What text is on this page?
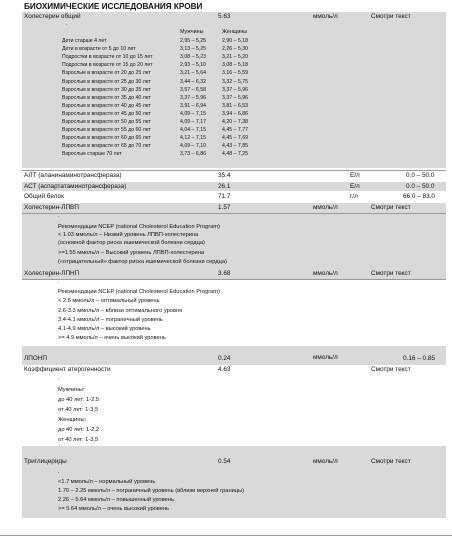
БИОХИМИЧЕСКИЕ ИССЛЕДОВАНИЯ КРОВИ
Холестерин общий	5.63	ммоль/л	Смотри текст
.
Мужчины	Женщины
Дети старше 4 лет	2,95 – 5,25	2,90 – 5,18
Дети в возрасте от 5 до 10 лет	3,13 – 5,25	2,26 – 5,30
Подростки в возрасте от 10 до 15 лет	3,08 – 5,23	3,21 – 5,20
Подростки в возрасте от 15 до 20 лет	2,93 – 5,10	3,08 – 5,18
Взрослые в возрасте от 20 до 25 лет	3,21 – 5,64	3,16 – 5,59
Взрослые в возрасте от 25 до 30 лет	3,44 – 6,32	3,32 – 5,75
Взрослые в возрасте от 30 до 35 лет	3,57 – 6,58	3,37 – 5,96
Взрослые в возрасте от 35 до 40 лет	3,37 – 5,96	3,37 – 5,96
Взрослые в возрасте от 40 до 45 лет	3,91 – 6,94	3,81 – 6,53
Взрослые в возрасте от 45 до 50 лет	4,09 – 7,15	3,94 – 6,86
Взрослые в возрасте от 50 до 55 лет	4,09 – 7,17	4,20 – 7,38
Взрослые в возрасте от 55 до 60 лет	4,04 – 7,15	4,45 – 7,77
Взрослые в возрасте от 60 до 65 лет	4,12 – 7,15	4,45 – 7,69
Взрослые в возрасте от 65 до 70 лет	4,09 – 7,10	4,43 – 7,85
Взрослые старше 70 лет	3,73 – 6,86	4,48 – 7,25
АЛТ (аланинаминотрансфераза)	35.4	Е/л	0.0 – 50.0
АСТ (аспартатаминотрансфераза)	26.1	Е/л	0.0 – 50.0
Общий белок	71.7	г/л	66.0 – 83.0
Холестерин-ЛПВП	1.57	ммоль/л	Смотри текст
.
Рекомендации NCEP (national Cholesterol Education Program)
< 1.03 ммоль/л – Низкий уровень ЛПВП-холестерина
(основной фактор риска ишемической болезни сердца)
>=1.55 ммоль/л – Высокий уровень ЛПВП-холестерина
(«отрицательный» фактор риска ишемической болезни сердца)
Холестерин-ЛПНП	3.68	ммоль/л	Смотри текст
.
Рекомендации NCEP (national Cholesterol Education Program)
< 2.6 ммоль/л – оптимальный уровень
2.6-3.3 ммоль/л – вблизи оптимального уровня
3.4-4.1 ммоль/л – пограничный уровень
4.1-4.9 ммоль/л – высокий уровень
>= 4.9 ммоль/л – очень высокий уровень
ЛПОНП	0.24	ммоль/л	0.16 – 0.85
Коэффициент атерогенности	4.63	Смотри текст
.
Мужчины:
до 40 лет: 1-2,5
от 40 лет: 1-3,5
Женщины:
до 40 лет: 1-2,2
от 40 лет: 1-3,5
Триглицериды	0.54	ммоль/л	Смотри текст
.
<1.7 ммоль/л – нормальный уровень
1.70 – 2.25 ммоль/л – пограничный уровень (вблизи верхней границы)
2.26 – 5.64 ммоль/л – повышенный уровень
>= 5.64 ммоль/л – очень высокий уровень
